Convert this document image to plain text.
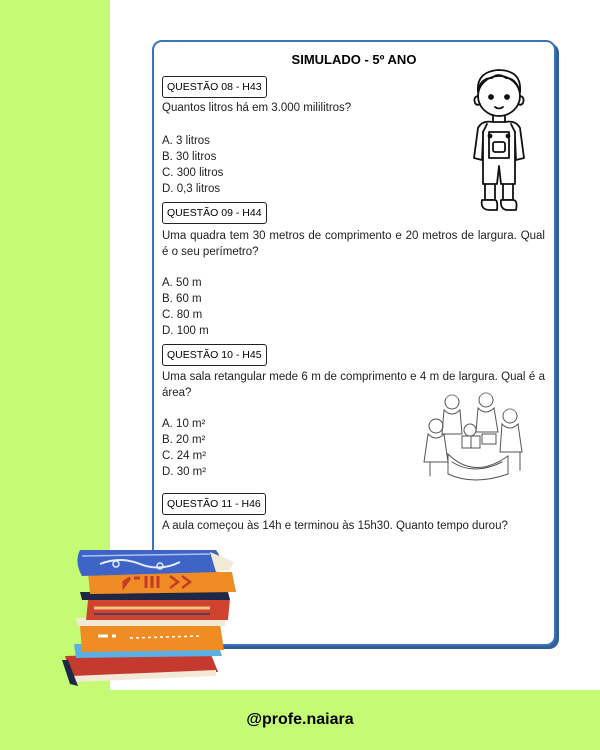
SIMULADO - 5º ANO
QUESTÃO 08 - H43
Quantos litros há em 3.000 mililitros?
A. 3 litros
B. 30 litros
C. 300 litros
D. 0,3 litros
QUESTÃO 09 - H44
Uma quadra tem 30 metros de comprimento e 20 metros de largura. Qual é o seu perímetro?
A. 50 m
B. 60 m
C. 80 m
D. 100 m
QUESTÃO 10 - H45
Uma sala retangular mede 6 m de comprimento e 4 m de largura. Qual é a área?
A. 10 m²
B. 20 m²
C. 24 m²
D. 30 m²
QUESTÃO 11 - H46
A aula começou às 14h e terminou às 15h30. Quanto tempo durou?
@profe.naiara
